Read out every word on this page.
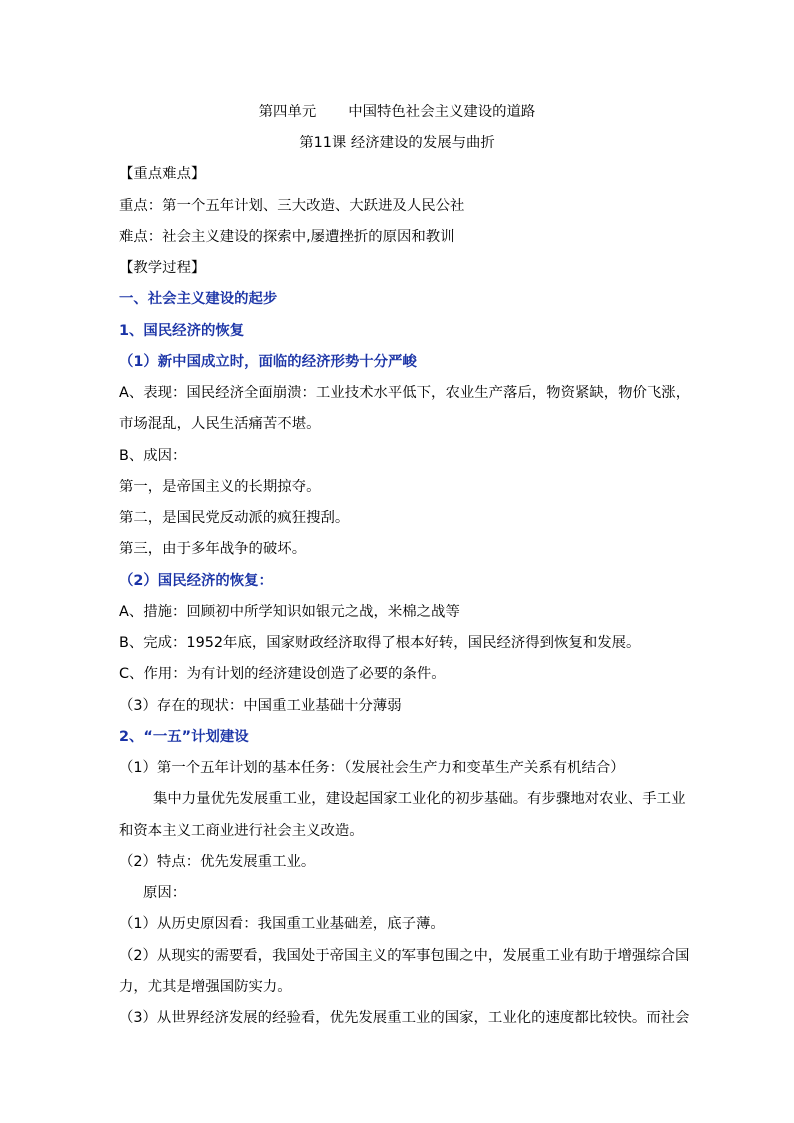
第四单元 中国特色社会主义建设的道路
第11课 经济建设的发展与曲折
【重点难点】
重点：第一个五年计划、三大改造、大跃进及人民公社
难点：社会主义建设的探索中,屡遭挫折的原因和教训
【教学过程】
一、社会主义建设的起步
1、国民经济的恢复
（1）新中国成立时，面临的经济形势十分严峻
A、表现：国民经济全面崩溃：工业技术水平低下，农业生产落后，物资紧缺，物价飞涨，
市场混乱，人民生活痛苦不堪。
B、成因：
第一，是帝国主义的长期掠夺。
第二，是国民党反动派的疯狂搜刮。
第三，由于多年战争的破坏。
（2）国民经济的恢复：
A、措施：回顾初中所学知识如银元之战，米棉之战等
B、完成：1952年底，国家财政经济取得了根本好转，国民经济得到恢复和发展。
C、作用：为有计划的经济建设创造了必要的条件。
（3）存在的现状：中国重工业基础十分薄弱
2、“一五”计划建设
（1）第一个五年计划的基本任务：（发展社会生产力和变革生产关系有机结合）
集中力量优先发展重工业，建设起国家工业化的初步基础。有步骤地对农业、手工业
和资本主义工商业进行社会主义改造。
（2）特点：优先发展重工业。
原因：
（1）从历史原因看：我国重工业基础差，底子薄。
（2）从现实的需要看，我国处于帝国主义的军事包围之中，发展重工业有助于增强综合国
力，尤其是增强国防实力。
（3）从世界经济发展的经验看，优先发展重工业的国家，工业化的速度都比较快。而社会
